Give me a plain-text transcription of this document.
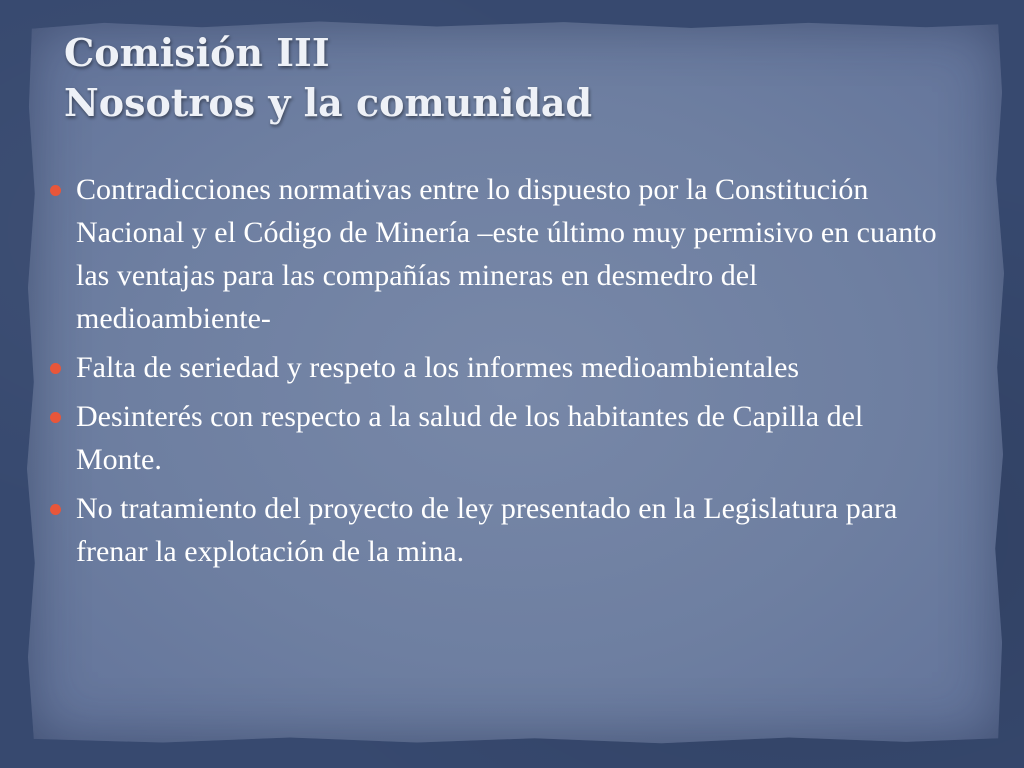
Comisión III
Nosotros y la comunidad
Contradicciones normativas entre lo dispuesto por la Constitución Nacional y el Código de Minería –este último muy permisivo en cuanto las ventajas para las compañías mineras en desmedro del medioambiente-
Falta de seriedad y respeto a los informes medioambientales
Desinterés con respecto a la salud de los habitantes de Capilla del Monte.
No tratamiento del proyecto de ley presentado en la Legislatura para frenar la explotación de la mina.
